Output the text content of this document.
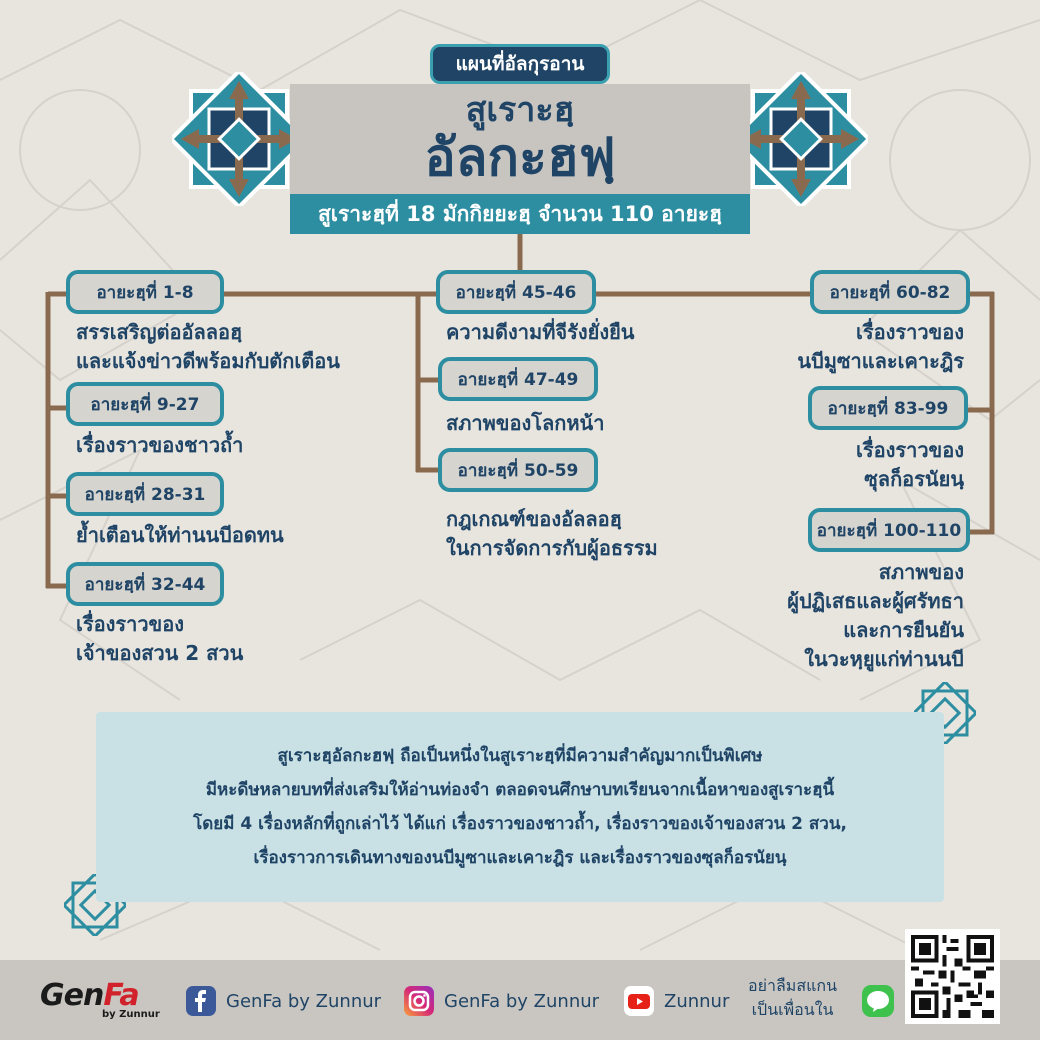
สูเราะฮฺ
อัลกะฮฟฺ
แผนที่อัลกุรอาน
สูเราะฮฺที่ 18 มักกิยยะฮฺ จำนวน 110 อายะฮฺ
อายะฮฺที่ 1-8
สรรเสริญต่ออัลลอฮฺ
และแจ้งข่าวดีพร้อมกับตักเตือน
อายะฮฺที่ 9-27
เรื่องราวของชาวถ้ำ
อายะฮฺที่ 28-31
ย้ำเตือนให้ท่านนบีอดทน
อายะฮฺที่ 32-44
เรื่องราวของ
เจ้าของสวน 2 สวน
อายะฮฺที่ 45-46
ความดีงามที่จีรังยั่งยืน
อายะฮฺที่ 47-49
สภาพของโลกหน้า
อายะฮฺที่ 50-59
กฎเกณฑ์ของอัลลอฮฺ
ในการจัดการกับผู้อธรรม
อายะฮฺที่ 60-82
เรื่องราวของ
นบีมูซาและเคาะฎิร
อายะฮฺที่ 83-99
เรื่องราวของ
ซุลก็อรนัยนฺ
อายะฮฺที่ 100-110
สภาพของ
ผู้ปฏิเสธและผู้ศรัทธา
และการยืนยัน
ในวะหฺยูแก่ท่านนบี

สูเราะฮฺอัลกะฮฟฺ ถือเป็นหนึ่งในสูเราะฮฺที่มีความสำคัญมากเป็นพิเศษ

มีหะดีษหลายบทที่ส่งเสริมให้อ่านท่องจำ ตลอดจนศึกษาบทเรียนจากเนื้อหาของสูเราะฮฺนี้

โดยมี 4 เรื่องหลักที่ถูกเล่าไว้ ได้แก่ เรื่องราวของชาวถ้ำ, เรื่องราวของเจ้าของสวน 2 สวน,

เรื่องราวการเดินทางของนบีมูซาและเคาะฎิร และเรื่องราวของซุลก็อรนัยนฺ

GenFa
by Zunnur
GenFa by Zunnur	GenFa by Zunnur	Zunnur
อย่าลืมสแกน
เป็นเพื่อนใน
